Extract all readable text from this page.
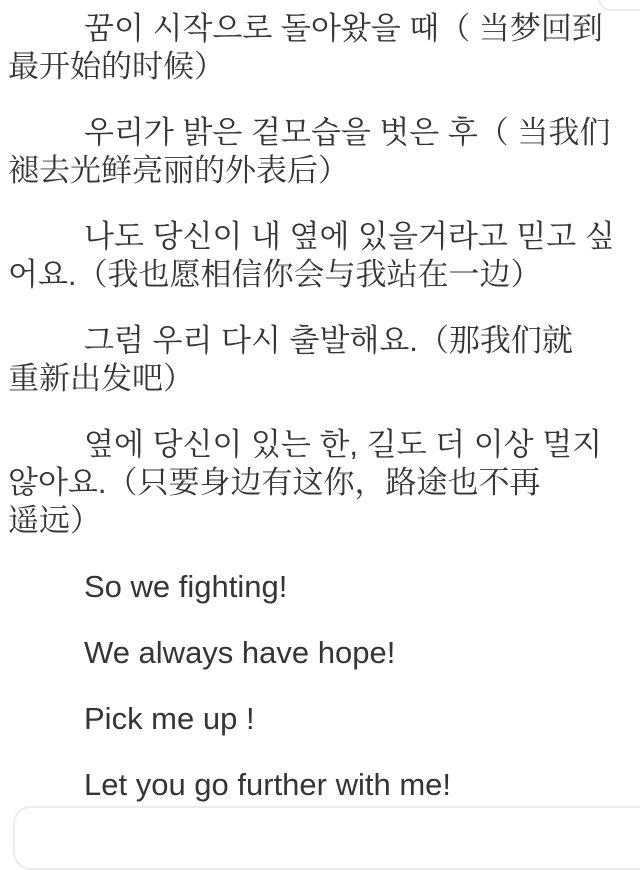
꿈이 시작으로 돌아왔을 때（ 当梦回到
最开始的时候）

우리가 밝은 겉모습을 벗은 후（ 当我们
褪去光鲜亮丽的外表后）

나도 당신이 내 옆에 있을거라고 믿고 싶
어요.（我也愿相信你会与我站在一边）

그럼 우리 다시 출발해요.（那我们就
重新出发吧）

옆에 당신이 있는 한, 길도 더 이상 멀지
않아요.（只要身边有这你，路途也不再
遥远）

So we fighting!

We always have hope!

Pick me up !

Let you go further with me!
